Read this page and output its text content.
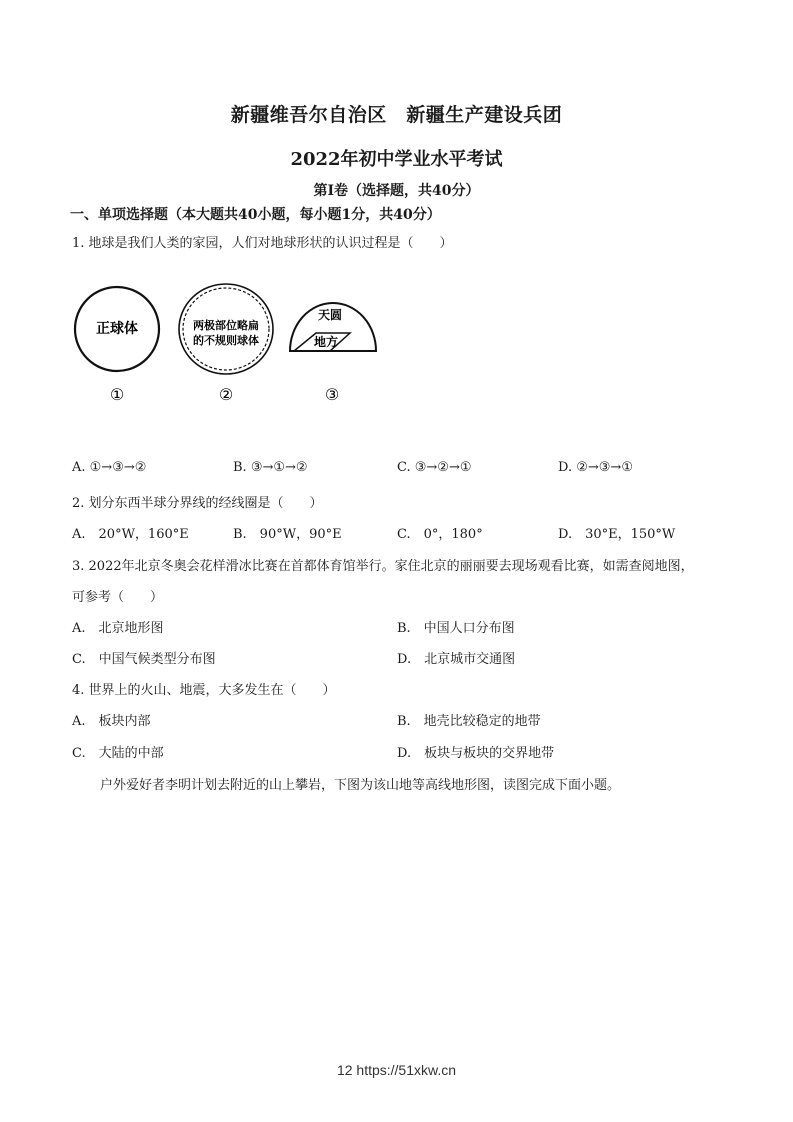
新疆维吾尔自治区　新疆生产建设兵团
2022年初中学业水平考试
第Ⅰ卷（选择题，共40分）
一、单项选择题（本大题共40小题，每小题1分，共40分）
1. 地球是我们人类的家园，人们对地球形状的认识过程是（　　）
正球体	两极部位略扁
的不规则球体
天圆
地方
①	②	③
A. ①→③→②	B. ③→①→②	C. ③→②→①	D. ②→③→①
2. 划分东西半球分界线的经线圈是（　　）
A.　20°W，160°E	B.　90°W，90°E	C.　0°，180°	D.　30°E，150°W
3. 2022年北京冬奥会花样滑冰比赛在首都体育馆举行。家住北京的丽丽要去现场观看比赛，如需查阅地图，
可参考（　　）
A.　北京地形图	B.　中国人口分布图
C.　中国气候类型分布图	D.　北京城市交通图
4. 世界上的火山、地震，大多发生在（　　）
A.　板块内部	B.　地壳比较稳定的地带
C.　大陆的中部	D.　板块与板块的交界地带
户外爱好者李明计划去附近的山上攀岩，下图为该山地等高线地形图，读图完成下面小题。
12 https://51xkw.cn
